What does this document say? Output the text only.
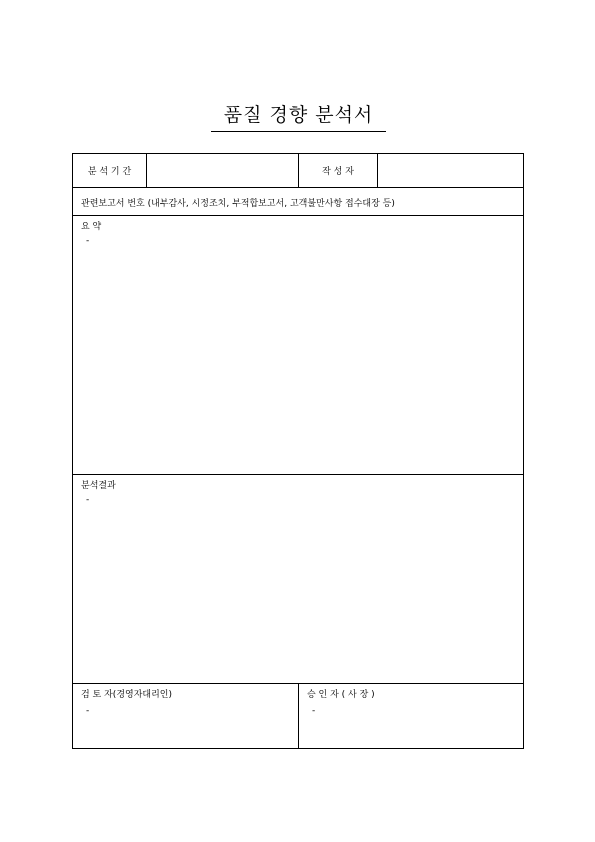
품질 경향 분석서
분 석 기 간	작 성 자
관련보고서 번호 (내부감사, 시정조치, 부적합보고서, 고객불만사항 접수대장 등)
요 약
-
분석결과
-
검 토 자(경영자대리인)
-
승 인 자 ( 사 장 )
-
